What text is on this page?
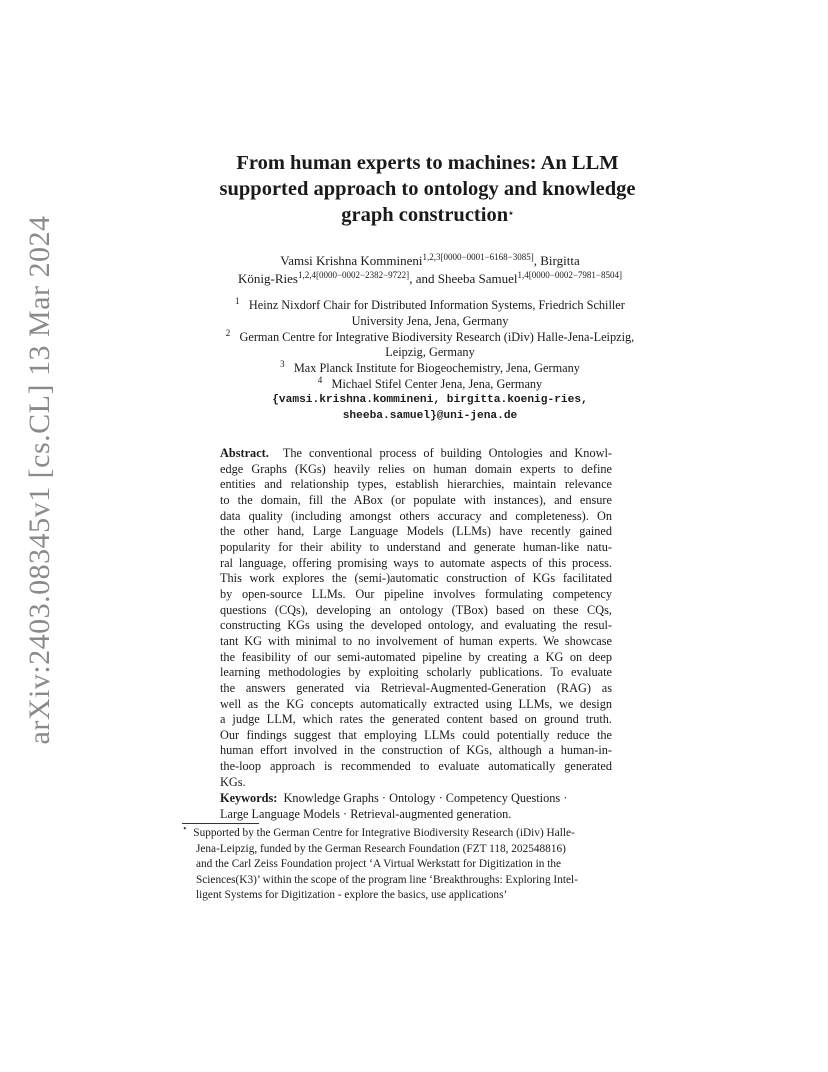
arXiv:2403.08345v1 [cs.CL] 13 Mar 2024
From human experts to machines: An LLM
supported approach to ontology and knowledge
graph construction⋆
Vamsi Krishna Kommineni$^{1,2,3[0000-0001-6168-3085]}$, Birgitta
König-Ries$^{1,2,4[0000-0002-2382-9722]}$, and Sheeba Samuel$^{1,4[0000-0002-7981-8504]}$
$^1$ Heinz Nixdorf Chair for Distributed Information Systems, Friedrich Schiller
University Jena, Jena, Germany
$^2$ German Centre for Integrative Biodiversity Research (iDiv) Halle-Jena-Leipzig,
Leipzig, Germany
$^3$ Max Planck Institute for Biogeochemistry, Jena, Germany
$^4$ Michael Stifel Center Jena, Jena, Germany
{vamsi.krishna.kommineni, birgitta.koenig-ries,
sheeba.samuel}@uni-jena.de
Abstract. The conventional process of building Ontologies and Knowl-
edge Graphs (KGs) heavily relies on human domain experts to define
entities and relationship types, establish hierarchies, maintain relevance
to the domain, fill the ABox (or populate with instances), and ensure
data quality (including amongst others accuracy and completeness). On
the other hand, Large Language Models (LLMs) have recently gained
popularity for their ability to understand and generate human-like natu-
ral language, offering promising ways to automate aspects of this process.
This work explores the (semi-)automatic construction of KGs facilitated
by open-source LLMs. Our pipeline involves formulating competency
questions (CQs), developing an ontology (TBox) based on these CQs,
constructing KGs using the developed ontology, and evaluating the resul-
tant KG with minimal to no involvement of human experts. We showcase
the feasibility of our semi-automated pipeline by creating a KG on deep
learning methodologies by exploiting scholarly publications. To evaluate
the answers generated via Retrieval-Augmented-Generation (RAG) as
well as the KG concepts automatically extracted using LLMs, we design
a judge LLM, which rates the generated content based on ground truth.
Our findings suggest that employing LLMs could potentially reduce the
human effort involved in the construction of KGs, although a human-in-
the-loop approach is recommended to evaluate automatically generated
KGs.
Keywords: Knowledge Graphs · Ontology · Competency Questions ·
Large Language Models · Retrieval-augmented generation.
⋆ Supported by the German Centre for Integrative Biodiversity Research (iDiv) Halle-
Jena-Leipzig, funded by the German Research Foundation (FZT 118, 202548816)
and the Carl Zeiss Foundation project ‘A Virtual Werkstatt for Digitization in the
Sciences(K3)’ within the scope of the program line ‘Breakthroughs: Exploring Intel-
ligent Systems for Digitization - explore the basics, use applications’
